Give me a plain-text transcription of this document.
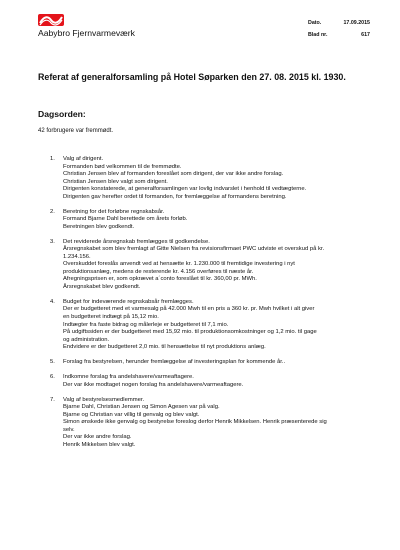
Aabybro Fjernvarmeværk
Dato.	17.09.2015
Blad nr.	617
Referat af generalforsamling på Hotel Søparken den 27. 08. 2015 kl. 1930.
Dagsorden:
42 forbrugere var fremmødt.
1.	Valg af dirigent.
Formanden bød velkommen til de fremmødte.
Christian Jensen blev af formanden foreslået som dirigent, der var ikke andre forslag.
Christian Jensen blev valgt som dirigent.
Dirigenten konstaterede, at generalforsamlingen var lovlig indvarslet i henhold til vedtægterne.
Dirigenten gav herefter ordet til formanden, for fremlæggelse af formandens beretning.
2.	Beretning for det forløbne regnskabsår.
Formand Bjarne Dahl berettede om årets forløb.
Beretningen blev godkendt.
3.	Det reviderede årsregnskab fremlægges til godkendelse.
Årsregnskabet som blev fremlagt af Gitte Nielsen fra revisionsfirmaet PWC udviste et overskud på kr.
1.234.156.
Overskuddet foreslås anvendt ved at hensætte kr. 1.230.000 til fremtidige investering i nyt
produktionsanlæg, medens de resterende kr. 4.156 overføres til næste år.
Afregningsprisen er, som opkrævet a´conto foreslået til kr. 360,00 pr. MWh.
Årsregnskabet blev godkendt.
4.	Budget for indeværende regnskabsår fremlægges.
Der er budgetteret med et varmesalg på 42.000 Mwh til en pris a 360 kr. pr. Mwh hvilket i alt giver
en budgetteret indtægt på 15,12 mio.
Indtægter fra faste bidrag og målerleje er budgetteret til 7,1 mio.
På udgiftssiden er der budgetteret med 15,92 mio. til produktionsomkostninger og 1,2 mio. til gage
og administration.
Endvidere er der budgetteret 2,0 mio. til hensættelse til nyt produktions anlæg.
5.	Forslag fra bestyrelsen, herunder fremlæggelse af investeringsplan for kommende år..
6.	Indkomne forslag fra andelshavere/varmeaftagere.
Der var ikke modtaget nogen forslag fra andelshavere/varmeaftagere.
7.	Valg af bestyrelsesmedlemmer.
Bjarne Dahl, Christian Jensen og Simon Agesen var på valg.
Bjarne og Christian var villig til genvalg og blev valgt.
Simon ønskede ikke genvalg og bestyrelse foreslog derfor Henrik Mikkelsen. Henrik præsenterede sig
selv.
Der var ikke andre forslag.
Henrik Mikkelsen blev valgt.
